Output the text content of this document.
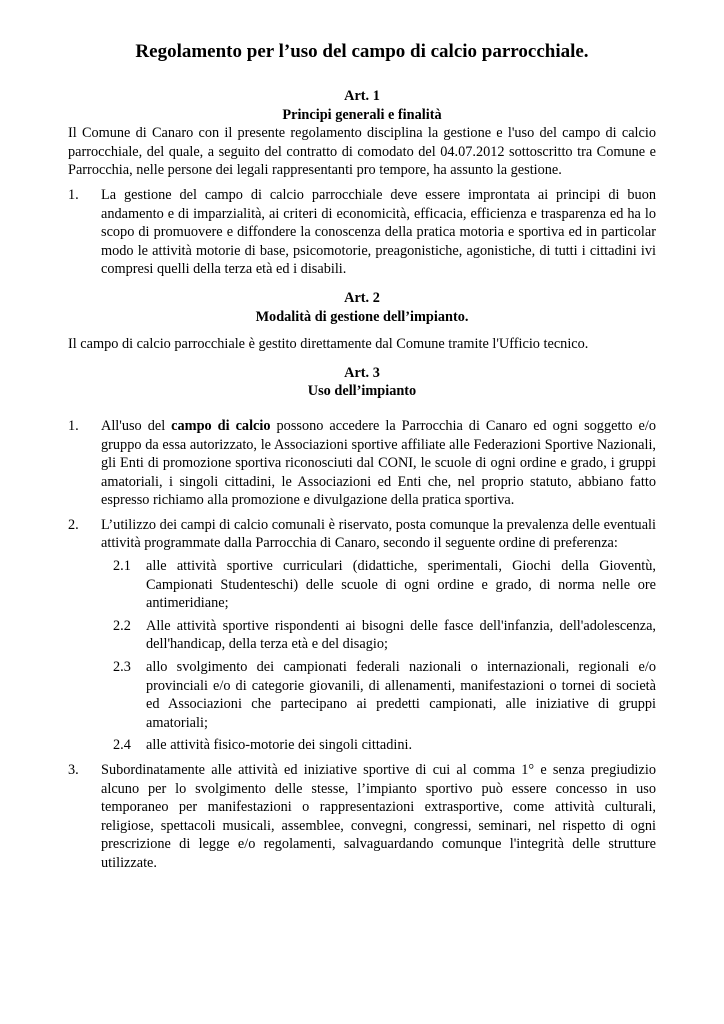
Regolamento per l’uso del campo di calcio parrocchiale.
Art. 1
Principi generali e finalità
Il Comune di Canaro con il presente regolamento disciplina la gestione e l'uso del campo di calcio parrocchiale, del quale, a seguito del contratto di comodato del 04.07.2012 sottoscritto tra Comune e Parrocchia, nelle persone dei legali rappresentanti pro tempore, ha assunto la gestione.
1.	La gestione del campo di calcio parrocchiale deve essere improntata ai principi di buon andamento e di imparzialità, ai criteri di economicità, efficacia, efficienza e trasparenza ed ha lo scopo di promuovere e diffondere la conoscenza della pratica motoria e sportiva ed in particolar modo le attività motorie di base, psicomotorie, preagonistiche, agonistiche, di tutti i cittadini ivi compresi quelli della terza età ed i disabili.
Art. 2
Modalità di gestione dell’impianto.
Il campo di calcio parrocchiale è gestito direttamente dal Comune tramite l'Ufficio tecnico.
Art. 3
Uso dell’impianto
1.	All'uso del campo di calcio possono accedere la Parrocchia di Canaro ed ogni soggetto e/o gruppo da essa autorizzato, le Associazioni sportive affiliate alle Federazioni Sportive Nazionali, gli Enti di promozione sportiva riconosciuti dal CONI, le scuole di ogni ordine e grado, i gruppi amatoriali, i singoli cittadini, le Associazioni ed Enti che, nel proprio statuto, abbiano fatto espresso richiamo alla promozione e divulgazione della pratica sportiva.
2.	L’utilizzo dei campi di calcio comunali è riservato, posta comunque la prevalenza delle eventuali attività programmate dalla Parrocchia di Canaro, secondo il seguente ordine di preferenza:
2.1	alle attività sportive curriculari (didattiche, sperimentali, Giochi della Gioventù, Campionati Studenteschi) delle scuole di ogni ordine e grado, di norma nelle ore antimeridiane;
2.2	Alle attività sportive rispondenti ai bisogni delle fasce dell'infanzia, dell'adolescenza, dell'handicap, della terza età e del disagio;
2.3	allo svolgimento dei campionati federali nazionali o internazionali, regionali e/o provinciali e/o di categorie giovanili, di allenamenti, manifestazioni o tornei di società ed Associazioni che partecipano ai predetti campionati, alle iniziative di gruppi amatoriali;
2.4	alle attività fisico-motorie dei singoli cittadini.
3.	Subordinatamente alle attività ed iniziative sportive di cui al comma 1° e senza pregiudizio alcuno per lo svolgimento delle stesse, l’impianto sportivo può essere concesso in uso temporaneo per manifestazioni o rappresentazioni extrasportive, come attività culturali, religiose, spettacoli musicali, assemblee, convegni, congressi, seminari, nel rispetto di ogni prescrizione di legge e/o regolamenti, salvaguardando comunque l'integrità delle strutture utilizzate.
